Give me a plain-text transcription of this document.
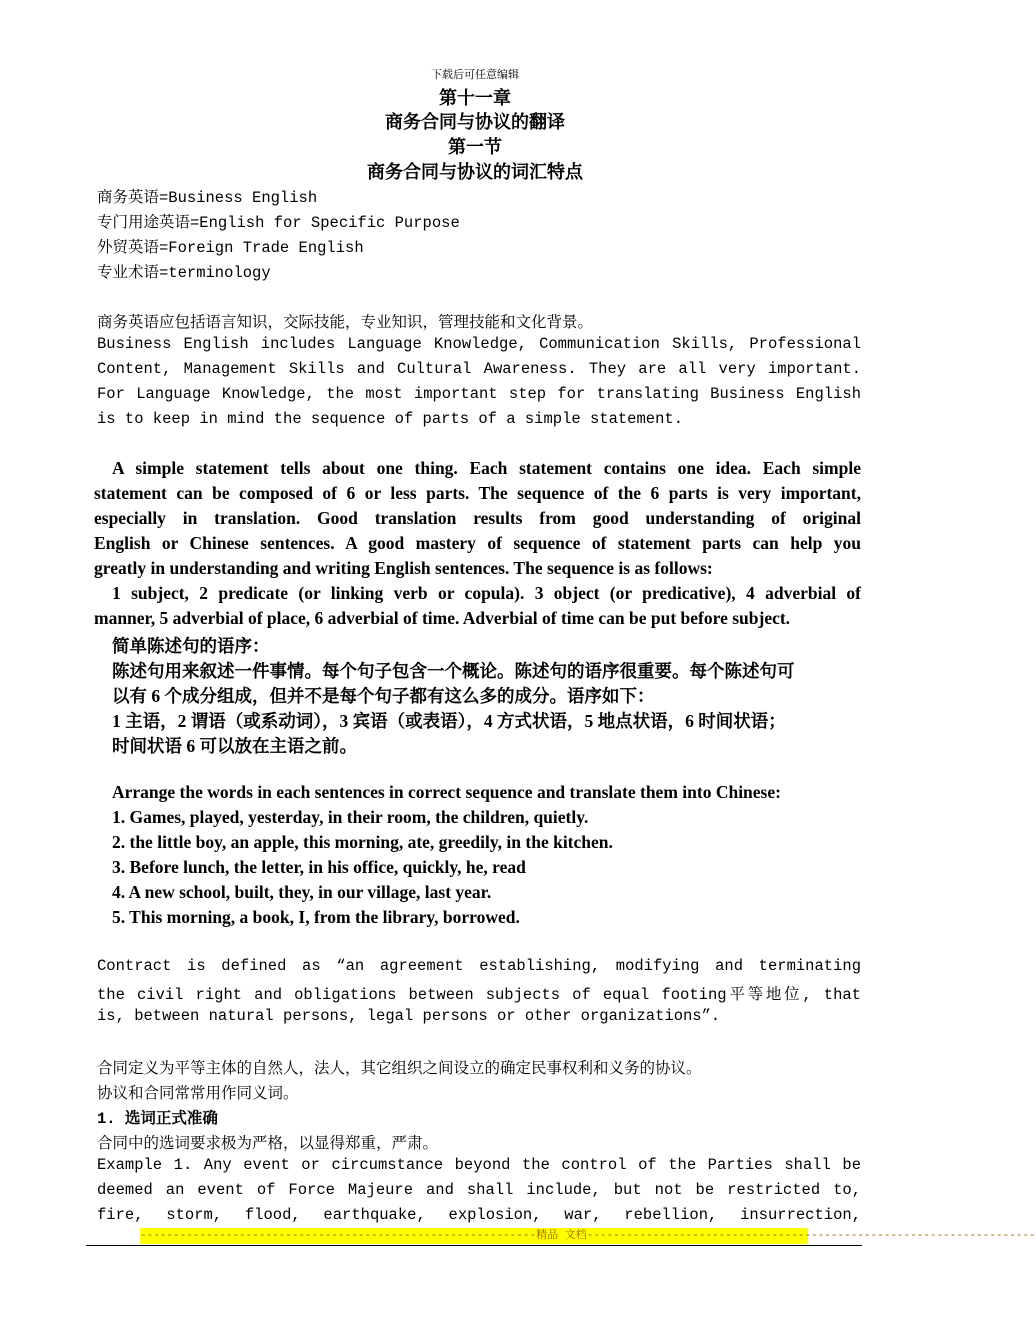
下载后可任意编辑
第十一章
商务合同与协议的翻译
第一节
商务合同与协议的词汇特点
商务英语=Business English
专门用途英语=English for Specific Purpose
外贸英语=Foreign Trade English
专业术语=terminology
商务英语应包括语言知识，交际技能，专业知识，管理技能和文化背景。
Business English includes Language Knowledge, Communication Skills, Professional
Content, Management Skills and Cultural Awareness. They are all very important.
For Language Knowledge, the most important step for translating Business English
is to keep in mind the sequence of parts of a simple statement.
A simple statement tells about one thing. Each statement contains one idea. Each simple
statement can be composed of 6 or less parts. The sequence of the 6 parts is very important,
especially in translation. Good translation results from good understanding of original
English or Chinese sentences. A good mastery of sequence of statement parts can help you
greatly in understanding and writing English sentences. The sequence is as follows:
1 subject, 2 predicate (or linking verb or copula). 3 object (or predicative), 4 adverbial of
manner, 5 adverbial of place, 6 adverbial of time. Adverbial of time can be put before subject.
简单陈述句的语序：
陈述句用来叙述一件事情。每个句子包含一个概论。陈述句的语序很重要。每个陈述句可
以有 6 个成分组成，但并不是每个句子都有这么多的成分。语序如下：
1 主语，2 谓语（或系动词），3 宾语（或表语），4 方式状语，5 地点状语，6 时间状语；
时间状语 6 可以放在主语之前。
Arrange the words in each sentences in correct sequence and translate them into Chinese:
1. Games, played, yesterday, in their room, the children, quietly.
2. the little boy, an apple, this morning, ate, greedily, in the kitchen.
3. Before lunch, the letter, in his office, quickly, he, read
4. A new school, built, they, in our village, last year.
5. This morning, a book, I, from the library, borrowed.
Contract is defined as “an agreement establishing, modifying and terminating
the civil right and obligations between subjects of equal footing平等地位, that
is, between natural persons, legal persons or other organizations”.
合同定义为平等主体的自然人，法人，其它组织之间设立的确定民事权利和义务的协议。
协议和合同常常用作同义词。
1. 选词正式准确
合同中的选词要求极为严格，以显得郑重，严肃。
Example 1. Any event or circumstance beyond the control of the Parties shall be
deemed an event of Force Majeure and shall include, but not be restricted to,
fire, storm, flood, earthquake, explosion, war, rebellion, insurrection,
------------------------------------------------------------精品 文档--------------------------------------------------------------------
